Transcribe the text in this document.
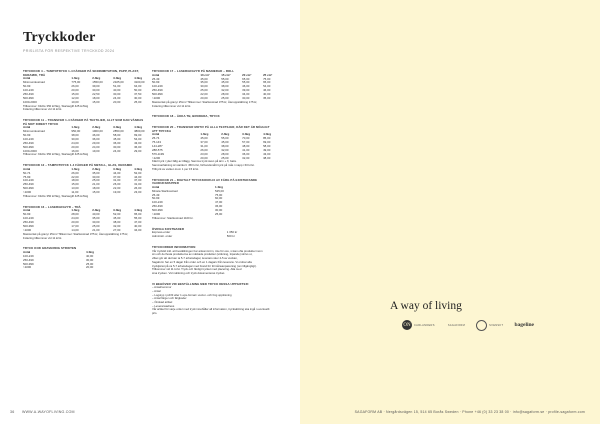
Tryckkoder
PRISLISTA FÖR RESPEKTIVE TRYCKKOD 2024
TRYCKKOD 4 – TAMPOTRYCK 1-4 FÄRGER PÅ SKINNIMITATION, PAPP, PLAST, KERAMIK, TRÄ
Antal	1-färg	2-färg	3-färg	4-färg
Minimumkostnad	775,00	1550,00	2325,00	3100,00
50-99	26,00	39,00	51,00	64,00
100-249	20,00	30,00	40,00	50,00
250-499	15,00	22,50	30,00	37,50
500-999	12,00	18,00	24,00	30,00
1000-2000	10,00	15,00	20,00	25,00
Tillkommer: Klichè 350 kr/färg, Startavgift 425 kr/färg
Foliering tillkommer vid 11 kr/st.
TRYCKKOD 11 – TRANSFER 1-4 FÄRGER PÅ TEXTILIER, ALLT SOM KAN VÄNDAS PÅ MOT DIREKT TRYCK
Antal	1-färg	2-färg	3-färg	4-färg
Minimumkostnad	950,00	1900,00	2850,00	3800,00
50-99	38,00	46,00	58,00	69,00
100-249	30,00	36,00	45,00	54,00
250-499	24,00	29,00	36,00	43,00
500-999	20,00	24,00	30,00	36,00
1000-2000	16,00	19,00	24,00	29,00
Tillkommer: Klichè 350 kr/färg, Startavgift 425 kr/färg
TRYCKKOD 12 – TAMPOTRYCK 1-4 FÄRGER PÅ METALL, GLAS, KERAMIK
Antal	1-färg	2-färg	3-färg	4-färg
50-74	26,00	35,00	44,00	52,00
75-99	22,00	30,00	37,00	44,00
100-249	18,00	25,00	31,00	37,00
250-499	15,00	21,00	26,00	31,00
500-999	13,00	18,00	22,00	26,00
>1000	11,00	15,00	19,00	23,00
Tillkommer: Klichè 350 kr/färg, Startavgift 425 kr/färg
TRYCKKOD 16 – LASERGRAVYR – TRÄ
Antal	1-färg	2-färg	3-färg	4-färg
50-99	28,00	40,00	52,00	65,00
100-249	24,00	35,00	45,00	55,00
250-499	20,00	30,00	38,00	47,00
500-999	17,00	25,00	32,00	40,00
>1000	14,00	21,00	27,00	34,00
Maxstorlek på gravyr 25cm² Tillkommer: Startkostnad 375 kr, Återuppställning 175 kr,
Foliering tillkommer vid 11 kr/st.
TRYCK KOD GRAVERING STRIKTEN
Antal	4-färg
100-249	40,00
250-499	30,00
500-999	25,00
>1000	20,00
TRYCKKOD 17 – LASERGRAVYR PÅ MANIERAD – ROLL
Antal	10 cm²	15 cm²	20 cm²	25 cm²
25-49	45,00	55,00	65,00	75,00
50-99	35,00	45,00	55,00	65,00
100-249	30,00	38,00	46,00	54,00
250-499	25,00	32,00	39,00	46,00
500-999	22,00	28,00	34,00	40,00
>1000	20,00	25,00	30,00	35,00
Maxstorlek på gravyr 25cm² Tillkommer: Startkostnad 375 kr, Återuppställning 175 kr,
Foliering tillkommer vid 11 kr/st.
TRYCKKOD 18 – ÅKKA TB, BRODERA, TRYCK
TRYCKKOD 20 – TRANSFER MOTIV PÅ ALLA TEXTILIER, DÄR DET ÄR MÖJLIGT ATT TRYCKA
Antal	1-färg	2-färg	3-färg	4-färg
25-74	45,00	55,00	70,00	85,00
75-143	37,00	45,00	57,00	69,00
144-287	31,00	38,00	48,00	58,00
288-575	26,00	32,00	41,00	49,00
576-1199	23,00	28,00	36,00	43,00
>1200	20,00	25,00	32,00	38,00
Kläd tryck i ytter fällg av tillägg. Samma tryck även på ärm + fr, baks.
Sammanfattning är startkort: 450 kr/st, förhandsmått tryck på mås i mapp i 60 kr/st.
Tilltryck av varken inom 1 per 15 kr/st.
TRYCKKOD 21 – DIGITALT TRYCKKONFLIX AV FÄRG PÅ EXISTERANDE VAXDUKSPAPPER
Antal	1-färg
Minsta Startkostnad	525,00
25-49	75,00
50-99	60,00
100-249	47,00
250-499	36,00
500-999	30,00
>1000	25,00
Tillkommer: Startkostnad 1100 kr.
ÖVRIGA KOSTNADER
Express-order	1 350 kr
Administr. order	500 kr
TRYCKORDER INFORMATION
Vår trycktid inkl. att beställningen har ankommit in, inte för oss, vi kan ofta produkter inom
sin och de flesta produkterna av märkade produkter (utökning, löpande) skrivs ut,
vilket gör att det kan ta 5-7 arbetsdagar, leverans sker 4-5 av veckan,
Sagaform har en 5 dagar från order och en 1 dagars från leverans. Vi ordnar alla
trycktjänst på ca 5-7 arbetsdagar med brand för förmånsanpassning (om tillgängligt).
Tillkommer vid 11 kr/st. Tryck och färdigt trycket med placering. Alla med
sina trycken. Vid märkning och tryck dokumenteras trycket.
VI BEHÖVER VID BESTÄLLNING MED TRYCK DESSA UPPGIFTER:
– Antal/summor
– Antal
– Logotyp i pdf-fil eller 1 eps-format i vector- och hög upplösning
– Antal färger och färgkoder
– Önskad artikel
– Leveransadress
Vår artikel för varje order med tryck innehåller all information, trycksättning ska ingå i eventuellt pris.
36 WWW.A-WAYOFLIVING.COM	SAGAFORM AB · Nergårdsvägen 15, 514 65 Borås Sweden · Phone +46 (0) 33 23 38 00 · info@sagaform.se · profile-sagaform.com
A way of living
ON	CARLANDERS	SAGAFORM	SVENSKT bageline
